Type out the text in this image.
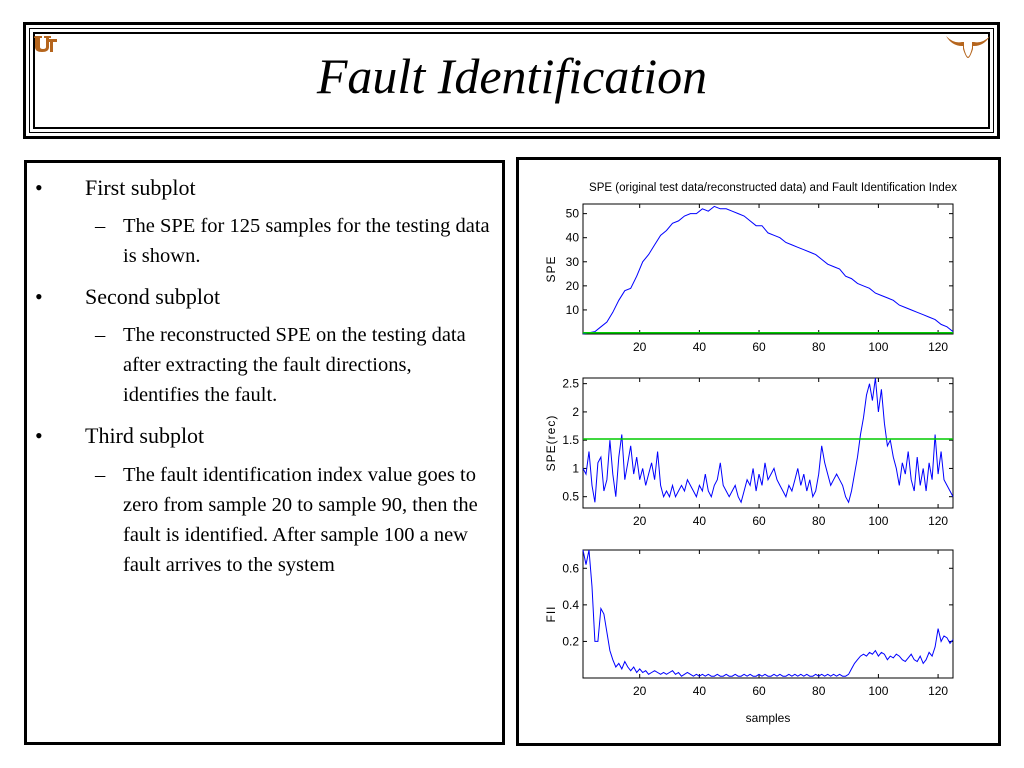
Fault Identification
• First subplot
– The SPE for 125 samples for the testing data is shown.
• Second subplot
– The reconstructed SPE on the testing data after extracting the fault directions, identifies the fault.
• Third subplot
– The fault identification index value goes to zero from sample 20 to sample 90, then the fault is identified. After sample 100 a new fault arrives to the system
SPE (original test data/reconstructed data) and Fault Identification Index
20	40	60	80	100	120
10
20
30
40
50
SPE
20	40	60	80	100	120
0.5
1
1.5
2
2.5
SPE(rec)
20	40	60	80	100	120
0.2
0.4
0.6
FII
samples
